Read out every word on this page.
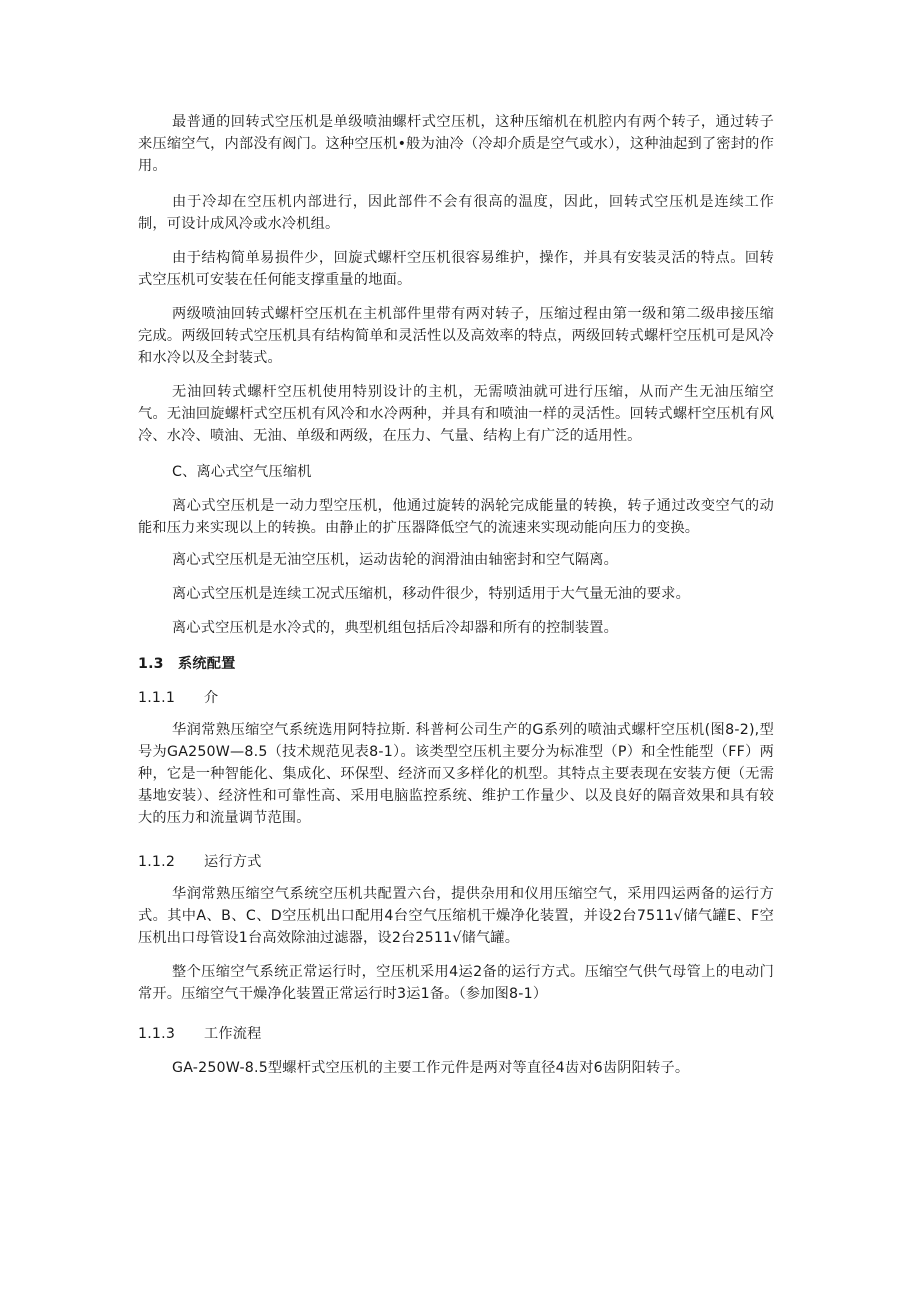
最普通的回转式空压机是单级喷油螺杆式空压机，这种压缩机在机腔内有两个转子，通过转子来压缩空气，内部没有阀门。这种空压机•般为油冷（冷却介质是空气或水），这种油起到了密封的作用。

由于冷却在空压机内部进行，因此部件不会有很高的温度，因此，回转式空压机是连续工作制，可设计成风冷或水冷机组。

由于结构简单易损件少，回旋式螺杆空压机很容易维护，操作，并具有安装灵活的特点。回转式空压机可安装在任何能支撑重量的地面。

两级喷油回转式螺杆空压机在主机部件里带有两对转子，压缩过程由第一级和第二级串接压缩完成。两级回转式空压机具有结构简单和灵活性以及高效率的特点，两级回转式螺杆空压机可是风冷和水冷以及全封装式。

无油回转式螺杆空压机使用特别设计的主机，无需喷油就可进行压缩，从而产生无油压缩空气。无油回旋螺杆式空压机有风冷和水冷两种，并具有和喷油一样的灵活性。回转式螺杆空压机有风冷、水冷、喷油、无油、单级和两级，在压力、气量、结构上有广泛的适用性。

C、离心式空气压缩机

离心式空压机是一动力型空压机，他通过旋转的涡轮完成能量的转换，转子通过改变空气的动能和压力来实现以上的转换。由静止的扩压器降低空气的流速来实现动能向压力的变换。

离心式空压机是无油空压机，运动齿轮的润滑油由轴密封和空气隔离。

离心式空压机是连续工况式压缩机，移动件很少，特别适用于大气量无油的要求。

离心式空压机是水冷式的，典型机组包括后冷却器和所有的控制装置。

1.3 系统配置
1.1.1 介

华润常熟压缩空气系统选用阿特拉斯. 科普柯公司生产的G系列的喷油式螺杆空压机(图8-2),型号为GA250W—8.5（技术规范见表8-1）。该类型空压机主要分为标准型（P）和全性能型（FF）两种，它是一种智能化、集成化、环保型、经济而又多样化的机型。其特点主要表现在安装方便（无需基地安装）、经济性和可靠性高、采用电脑监控系统、维护工作量少、以及良好的隔音效果和具有较大的压力和流量调节范围。

1.1.2 运行方式

华润常熟压缩空气系统空压机共配置六台，提供杂用和仪用压缩空气，采用四运两备的运行方式。其中A、B、C、D空压机出口配用4台空气压缩机干燥净化装置，并设2台7511√储气罐E、F空压机出口母管设1台高效除油过滤器，设2台2511√储气罐。

整个压缩空气系统正常运行时，空压机采用4运2备的运行方式。压缩空气供气母管上的电动门常开。压缩空气干燥净化装置正常运行时3运1备。（参加图8-1）

1.1.3 工作流程

GA-250W-8.5型螺杆式空压机的主要工作元件是两对等直径4齿对6齿阴阳转子。
